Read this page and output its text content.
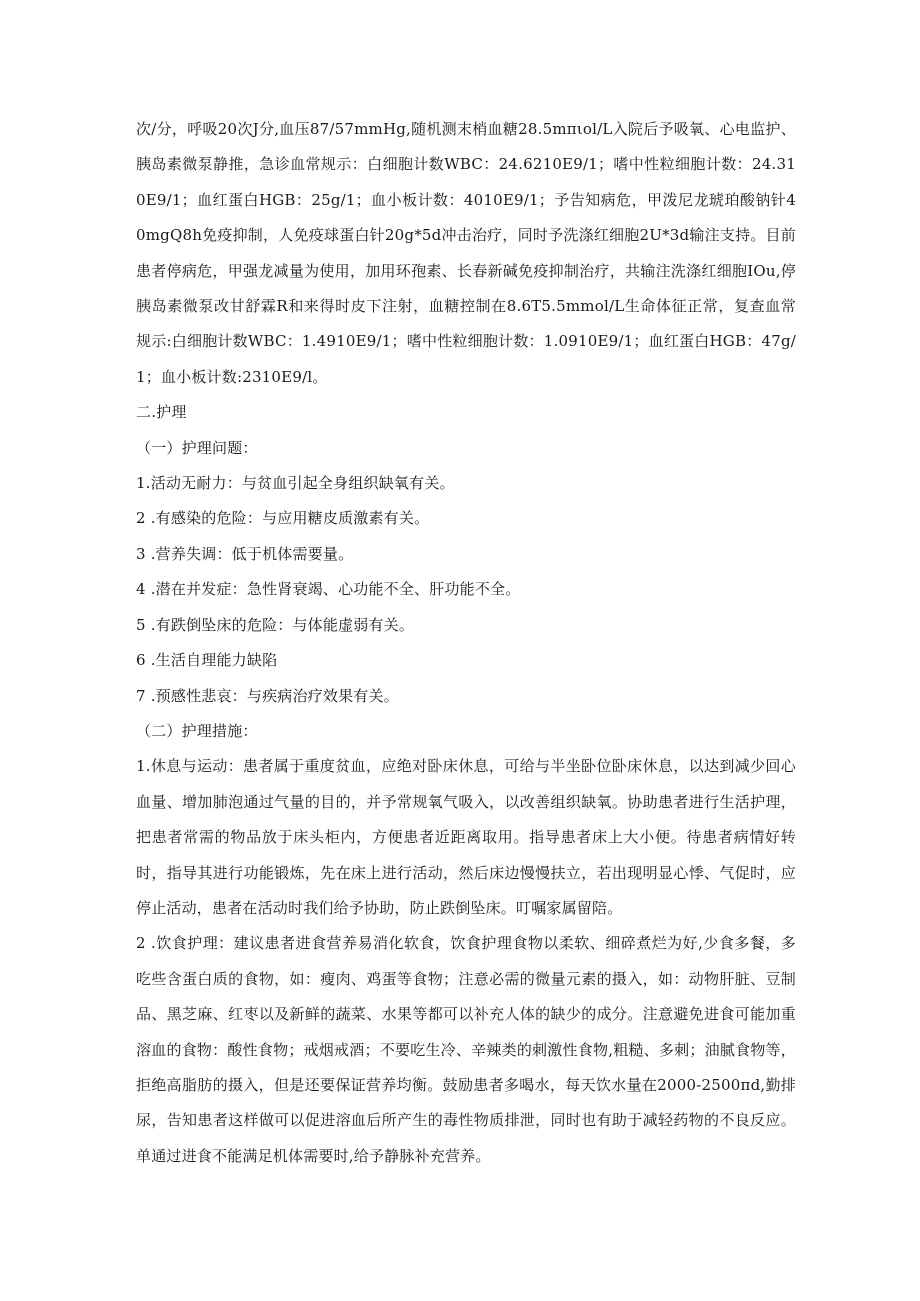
次/分，呼吸20次J分,血压87/57mmHg,随机测末梢血糖28.5mπιol/L入院后予吸氧、心电监护、胰岛素微泵静推，急诊血常规示：白细胞计数WBC：24.6210E9/1；嗜中性粒细胞计数：24.310E9/1；血红蛋白HGB：25g/1；血小板计数：4010E9/1；予告知病危，甲泼尼龙琥珀酸钠针40mgQ8h免疫抑制，人免疫球蛋白针20g*5d冲击治疗，同时予洗涤红细胞2U*3d输注支持。目前患者停病危，甲强龙减量为使用，加用环孢素、长春新碱免疫抑制治疗，共输注洗涤红细胞IOu,停胰岛素微泵改甘舒霖R和来得时皮下注射，血糖控制在8.6T5.5mmol/L生命体征正常，复查血常规示:白细胞计数WBC：1.4910E9/1；嗜中性粒细胞计数：1.0910E9/1；血红蛋白HGB：47g/1；血小板计数:2310E9/l。

二.护理

（一）护理问题：

1.活动无耐力：与贫血引起全身组织缺氧有关。

2 .有感染的危险：与应用糖皮质激素有关。

3 .营养失调：低于机体需要量。

4 .潜在并发症：急性肾衰竭、心功能不全、肝功能不全。

5 .有跌倒坠床的危险：与体能虚弱有关。

6 .生活自理能力缺陷

7 .预感性悲哀：与疾病治疗效果有关。

（二）护理措施：

1.休息与运动：患者属于重度贫血，应绝对卧床休息，可给与半坐卧位卧床休息，以达到减少回心血量、增加肺泡通过气量的目的，并予常规氧气吸入，以改善组织缺氧。协助患者进行生活护理，把患者常需的物品放于床头柜内，方便患者近距离取用。指导患者床上大小便。待患者病情好转时，指导其进行功能锻炼，先在床上进行活动，然后床边慢慢扶立，若出现明显心悸、气促时，应停止活动，患者在活动时我们给予协助，防止跌倒坠床。叮嘱家属留陪。

2 .饮食护理：建议患者进食营养易消化软食，饮食护理食物以柔软、细碎煮烂为好,少食多餐，多吃些含蛋白质的食物，如：瘦肉、鸡蛋等食物；注意必需的微量元素的摄入，如：动物肝脏、豆制品、黑芝麻、红枣以及新鲜的蔬菜、水果等都可以补充人体的缺少的成分。注意避免进食可能加重溶血的食物：酸性食物；戒烟戒酒；不要吃生冷、辛辣类的刺激性食物,粗糙、多刺；油腻食物等，拒绝高脂肪的摄入，但是还要保证营养均衡。鼓励患者多喝水，每天饮水量在2000-2500πd,勤排尿，告知患者这样做可以促进溶血后所产生的毒性物质排泄，同时也有助于减轻药物的不良反应。单通过进食不能满足机体需要时,给予静脉补充营养。
